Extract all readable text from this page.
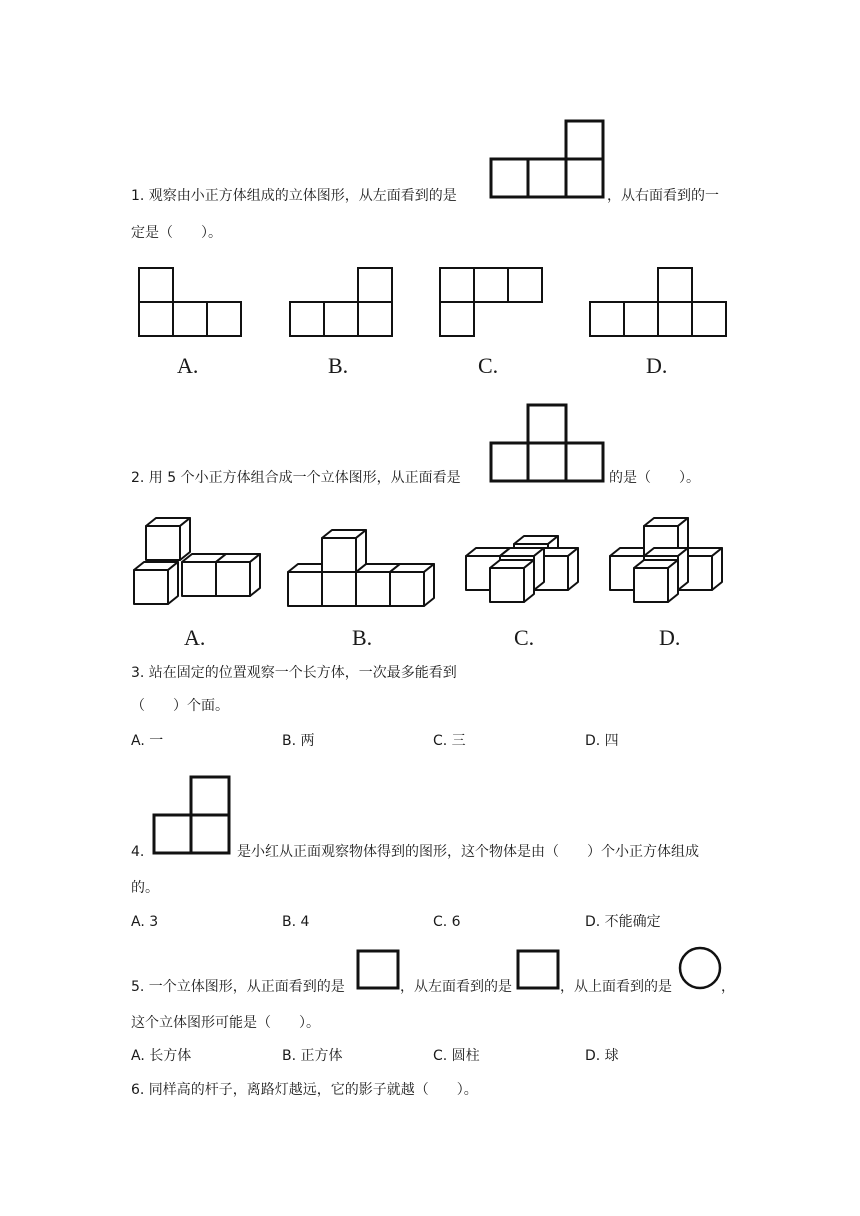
1. 观察由小正方体组成的立体图形，从左面看到的是	，从右面看到的一
定是（　　）。
A.	B.	C.	D.
2. 用 5 个小正方体组合成一个立体图形，从正面看是	的是（　　）。
A.	B.	C.	D.
3. 站在固定的位置观察一个长方体，一次最多能看到
（　　）个面。
A. 一	B. 两	C. 三	D. 四
4.	是小红从正面观察物体得到的图形，这个物体是由（　　）个小正方体组成
的。
A. 3	B. 4	C. 6	D. 不能确定
5. 一个立体图形，从正面看到的是	，从左面看到的是	，从上面看到的是	，
这个立体图形可能是（　　）。
A. 长方体	B. 正方体	C. 圆柱	D. 球
6. 同样高的杆子，离路灯越远，它的影子就越（　　）。
